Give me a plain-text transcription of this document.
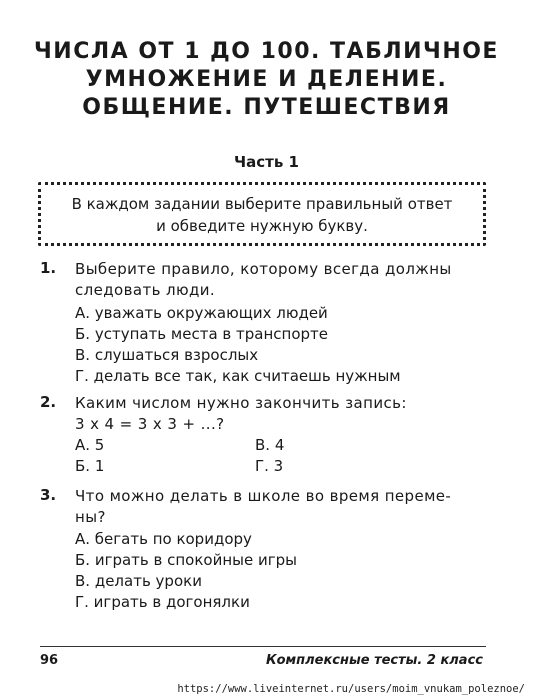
ЧИСЛА ОТ 1 ДО 100. ТАБЛИЧНОЕ
УМНОЖЕНИЕ И ДЕЛЕНИЕ.
ОБЩЕНИЕ. ПУТЕШЕСТВИЯ
Часть 1
В каждом задании выберите правильный ответ
и обведите нужную букву.
1. Выберите правило, которому всегда должны
следовать люди.
А. уважать окружающих людей
Б. уступать места в транспорте
В. слушаться взрослых
Г. делать все так, как считаешь нужным
2. Каким числом нужно закончить запись:
3 х 4 = 3 х 3 + ...?
А. 5	В. 4
Б. 1	Г. 3
3. Что можно делать в школе во время переме-
ны?
А. бегать по коридору
Б. играть в спокойные игры
В. делать уроки
Г. играть в догонялки
96	Комплексные тесты. 2 класс
https://www.liveinternet.ru/users/moim_vnukam_poleznoe/
